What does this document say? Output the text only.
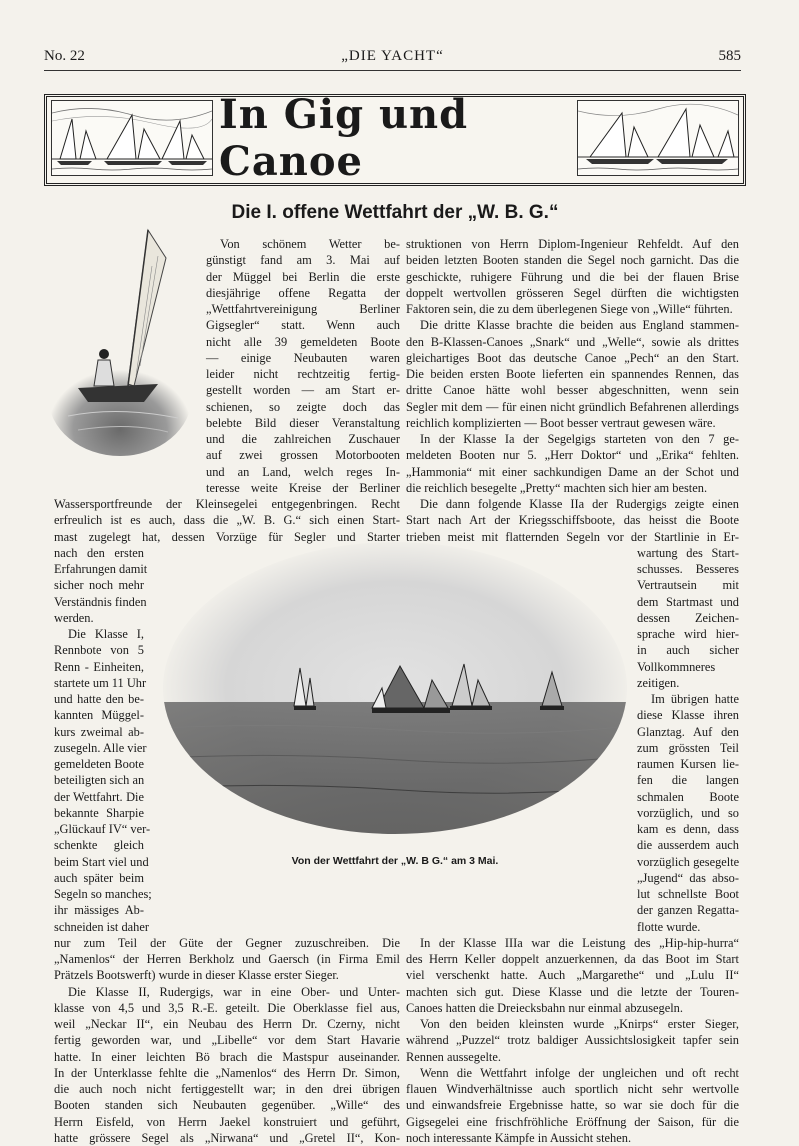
No. 22	„DIE YACHT“	585
In Gig und Canoe
Die I. offene Wettfahrt der „W. B. G.“
Von der Wettfahrt der „W. B G.“ am 3 Mai.
Von schönem Wetter be-
günstigt fand am 3. Mai auf
der Müggel bei Berlin die erste
diesjährige offene Regatta der
„Wettfahrtvereinigung Berliner
Gigsegler“ statt. Wenn auch
nicht alle 39 gemeldeten Boote
— einige Neubauten waren
leider nicht rechtzeitig fertig-
gestellt worden — am Start er-
schienen, so zeigte doch das
belebte Bild dieser Veranstaltung
und die zahlreichen Zuschauer
auf zwei grossen Motorbooten
und an Land, welch reges In-
teresse weite Kreise der Berliner
Wassersportfreunde der Kleinsegelei entgegenbringen. Recht
erfreulich ist es auch, dass die „W. B. G.“ sich einen Start-
mast zugelegt hat, dessen Vorzüge für Segler und Starter
nach den ersten
Erfahrungen damit
sicher noch mehr
Verständnis finden
werden.
Die Klasse I,
Rennbote von 5
Renn - Einheiten,
startete um 11 Uhr
und hatte den be-
kannten Müggel-
kurs zweimal ab-
zusegeln. Alle vier
gemeldeten Boote
beteiligten sich an
der Wettfahrt. Die
bekannte Sharpie
„Glückauf IV“ ver-
schenkte gleich
beim Start viel und
auch später beim
Segeln so manches;
ihr mässiges Ab-
schneiden ist daher
nur zum Teil der Güte der Gegner zuzuschreiben. Die
„Namenlos“ der Herren Berkholz und Gaersch (in Firma Emil
Prätzels Bootswerft) wurde in dieser Klasse erster Sieger.
Die Klasse II, Rudergigs, war in eine Ober- und Unter-
klasse von 4,5 und 3,5 R.-E. geteilt. Die Oberklasse fiel aus,
weil „Neckar II“, ein Neubau des Herrn Dr. Czerny, nicht
fertig geworden war, und „Libelle“ vor dem Start Havarie
hatte. In einer leichten Bö brach die Mastspur auseinander.
In der Unterklasse fehlte die „Namenlos“ des Herrn Dr. Simon,
die auch noch nicht fertiggestellt war; in den drei übrigen
Booten standen sich Neubauten gegenüber. „Wille“ des
Herrn Eisfeld, von Herrn Jaekel konstruiert und geführt,
hatte grössere Segel als „Nirwana“ und „Gretel II“, Kon-
struktionen von Herrn Diplom-Ingenieur Rehfeldt. Auf den
beiden letzten Booten standen die Segel noch garnicht. Das die
geschickte, ruhigere Führung und die bei der flauen Brise
doppelt wertvollen grösseren Segel dürften die wichtigsten
Faktoren sein, die zu dem überlegenen Siege von „Wille“ führten.
Die dritte Klasse brachte die beiden aus England stammen-
den B-Klassen-Canoes „Snark“ und „Welle“, sowie als drittes
gleichartiges Boot das deutsche Canoe „Pech“ an den Start.
Die beiden ersten Boote lieferten ein spannendes Rennen, das
dritte Canoe hätte wohl besser abgeschnitten, wenn sein
Segler mit dem — für einen nicht gründlich Befahrenen allerdings
reichlich komplizierten — Boot besser vertraut gewesen wäre.
In der Klasse Ia der Segelgigs starteten von den 7 ge-
meldeten Booten nur 5. „Herr Doktor“ und „Erika“ fehlten.
„Hammonia“ mit einer sachkundigen Dame an der Schot und
die reichlich besegelte „Pretty“ machten sich hier am besten.
Die dann folgende Klasse IIa der Rudergigs zeigte einen
Start nach Art der Kriegsschiffsboote, das heisst die Boote
trieben meist mit flatternden Segeln vor der Startlinie in Er-
wartung des Start-
schusses. Besseres
Vertrautsein mit
dem Startmast und
dessen Zeichen-
sprache wird hier-
in auch sicher
Vollkommneres
zeitigen.
Im übrigen hatte
diese Klasse ihren
Glanztag. Auf den
zum grössten Teil
raumen Kursen lie-
fen die langen
schmalen Boote
vorzüglich, und so
kam es denn, dass
die ausserdem auch
vorzüglich gesegelte
„Jugend“ das abso-
lut schnellste Boot
der ganzen Regatta-
flotte wurde.
In der Klasse IIIa war die Leistung des „Hip-hip-hurra“
des Herrn Keller doppelt anzuerkennen, da das Boot im Start
viel verschenkt hatte. Auch „Margarethe“ und „Lulu II“
machten sich gut. Diese Klasse und die letzte der Touren-
Canoes hatten die Dreiecksbahn nur einmal abzusegeln.
Von den beiden kleinsten wurde „Knirps“ erster Sieger,
während „Puzzel“ trotz baldiger Aussichtslosigkeit tapfer sein
Rennen aussegelte.
Wenn die Wettfahrt infolge der ungleichen und oft recht
flauen Windverhältnisse auch sportlich nicht sehr wertvolle
und einwandsfreie Ergebnisse hatte, so war sie doch für die
Gigsegelei eine frischfröhliche Eröffnung der Saison, für die
noch interessante Kämpfe in Aussicht stehen.
